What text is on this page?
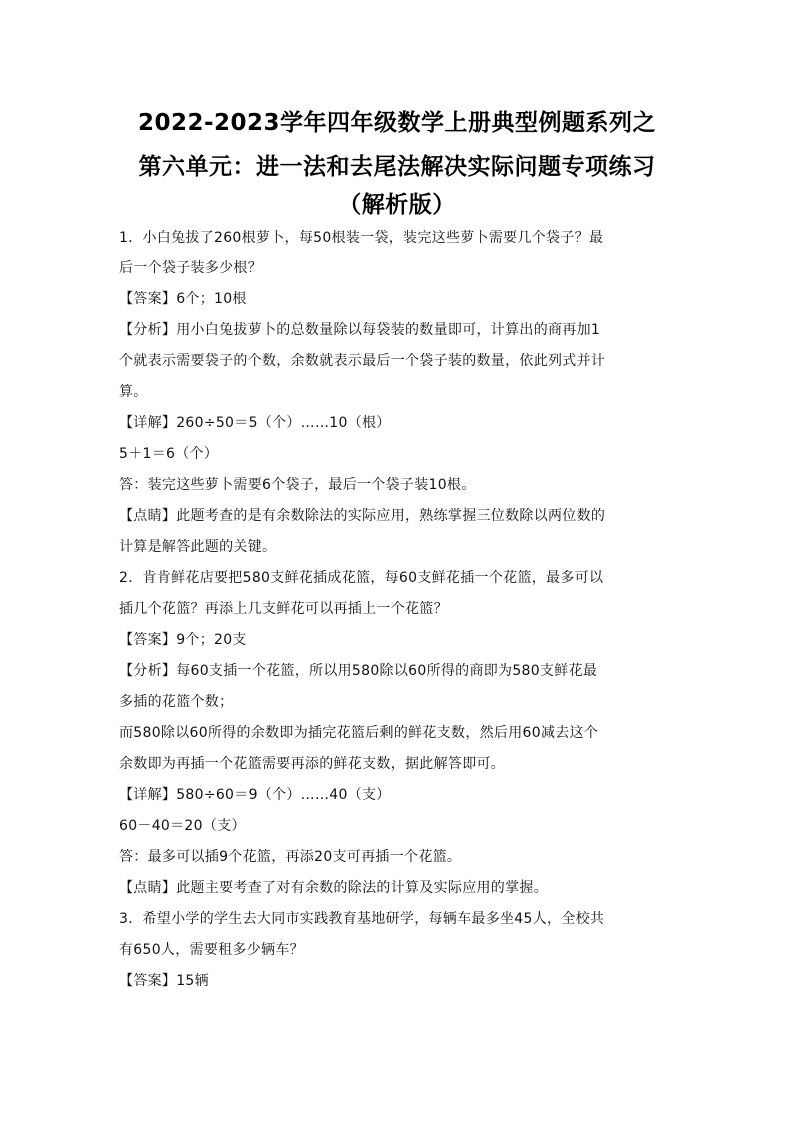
2022-2023学年四年级数学上册典型例题系列之
第六单元：进一法和去尾法解决实际问题专项练习
（解析版）
1．小白兔拔了260根萝卜，每50根装一袋，装完这些萝卜需要几个袋子？最
后一个袋子装多少根？
【答案】6个；10根
【分析】用小白兔拔萝卜的总数量除以每袋装的数量即可，计算出的商再加1
个就表示需要袋子的个数，余数就表示最后一个袋子装的数量，依此列式并计
算。
【详解】260÷50＝5（个）……10（根）
5＋1＝6（个）
答：装完这些萝卜需要6个袋子，最后一个袋子装10根。
【点睛】此题考查的是有余数除法的实际应用，熟练掌握三位数除以两位数的
计算是解答此题的关键。
2．肯肯鲜花店要把580支鲜花插成花篮，每60支鲜花插一个花篮，最多可以
插几个花篮？再添上几支鲜花可以再插上一个花篮？
【答案】9个；20支
【分析】每60支插一个花篮，所以用580除以60所得的商即为580支鲜花最
多插的花篮个数；
而580除以60所得的余数即为插完花篮后剩的鲜花支数，然后用60减去这个
余数即为再插一个花篮需要再添的鲜花支数，据此解答即可。
【详解】580÷60＝9（个）……40（支）
60－40＝20（支）
答：最多可以插9个花篮，再添20支可再插一个花篮。
【点睛】此题主要考查了对有余数的除法的计算及实际应用的掌握。
3．希望小学的学生去大同市实践教育基地研学，每辆车最多坐45人，全校共
有650人，需要租多少辆车？
【答案】15辆
